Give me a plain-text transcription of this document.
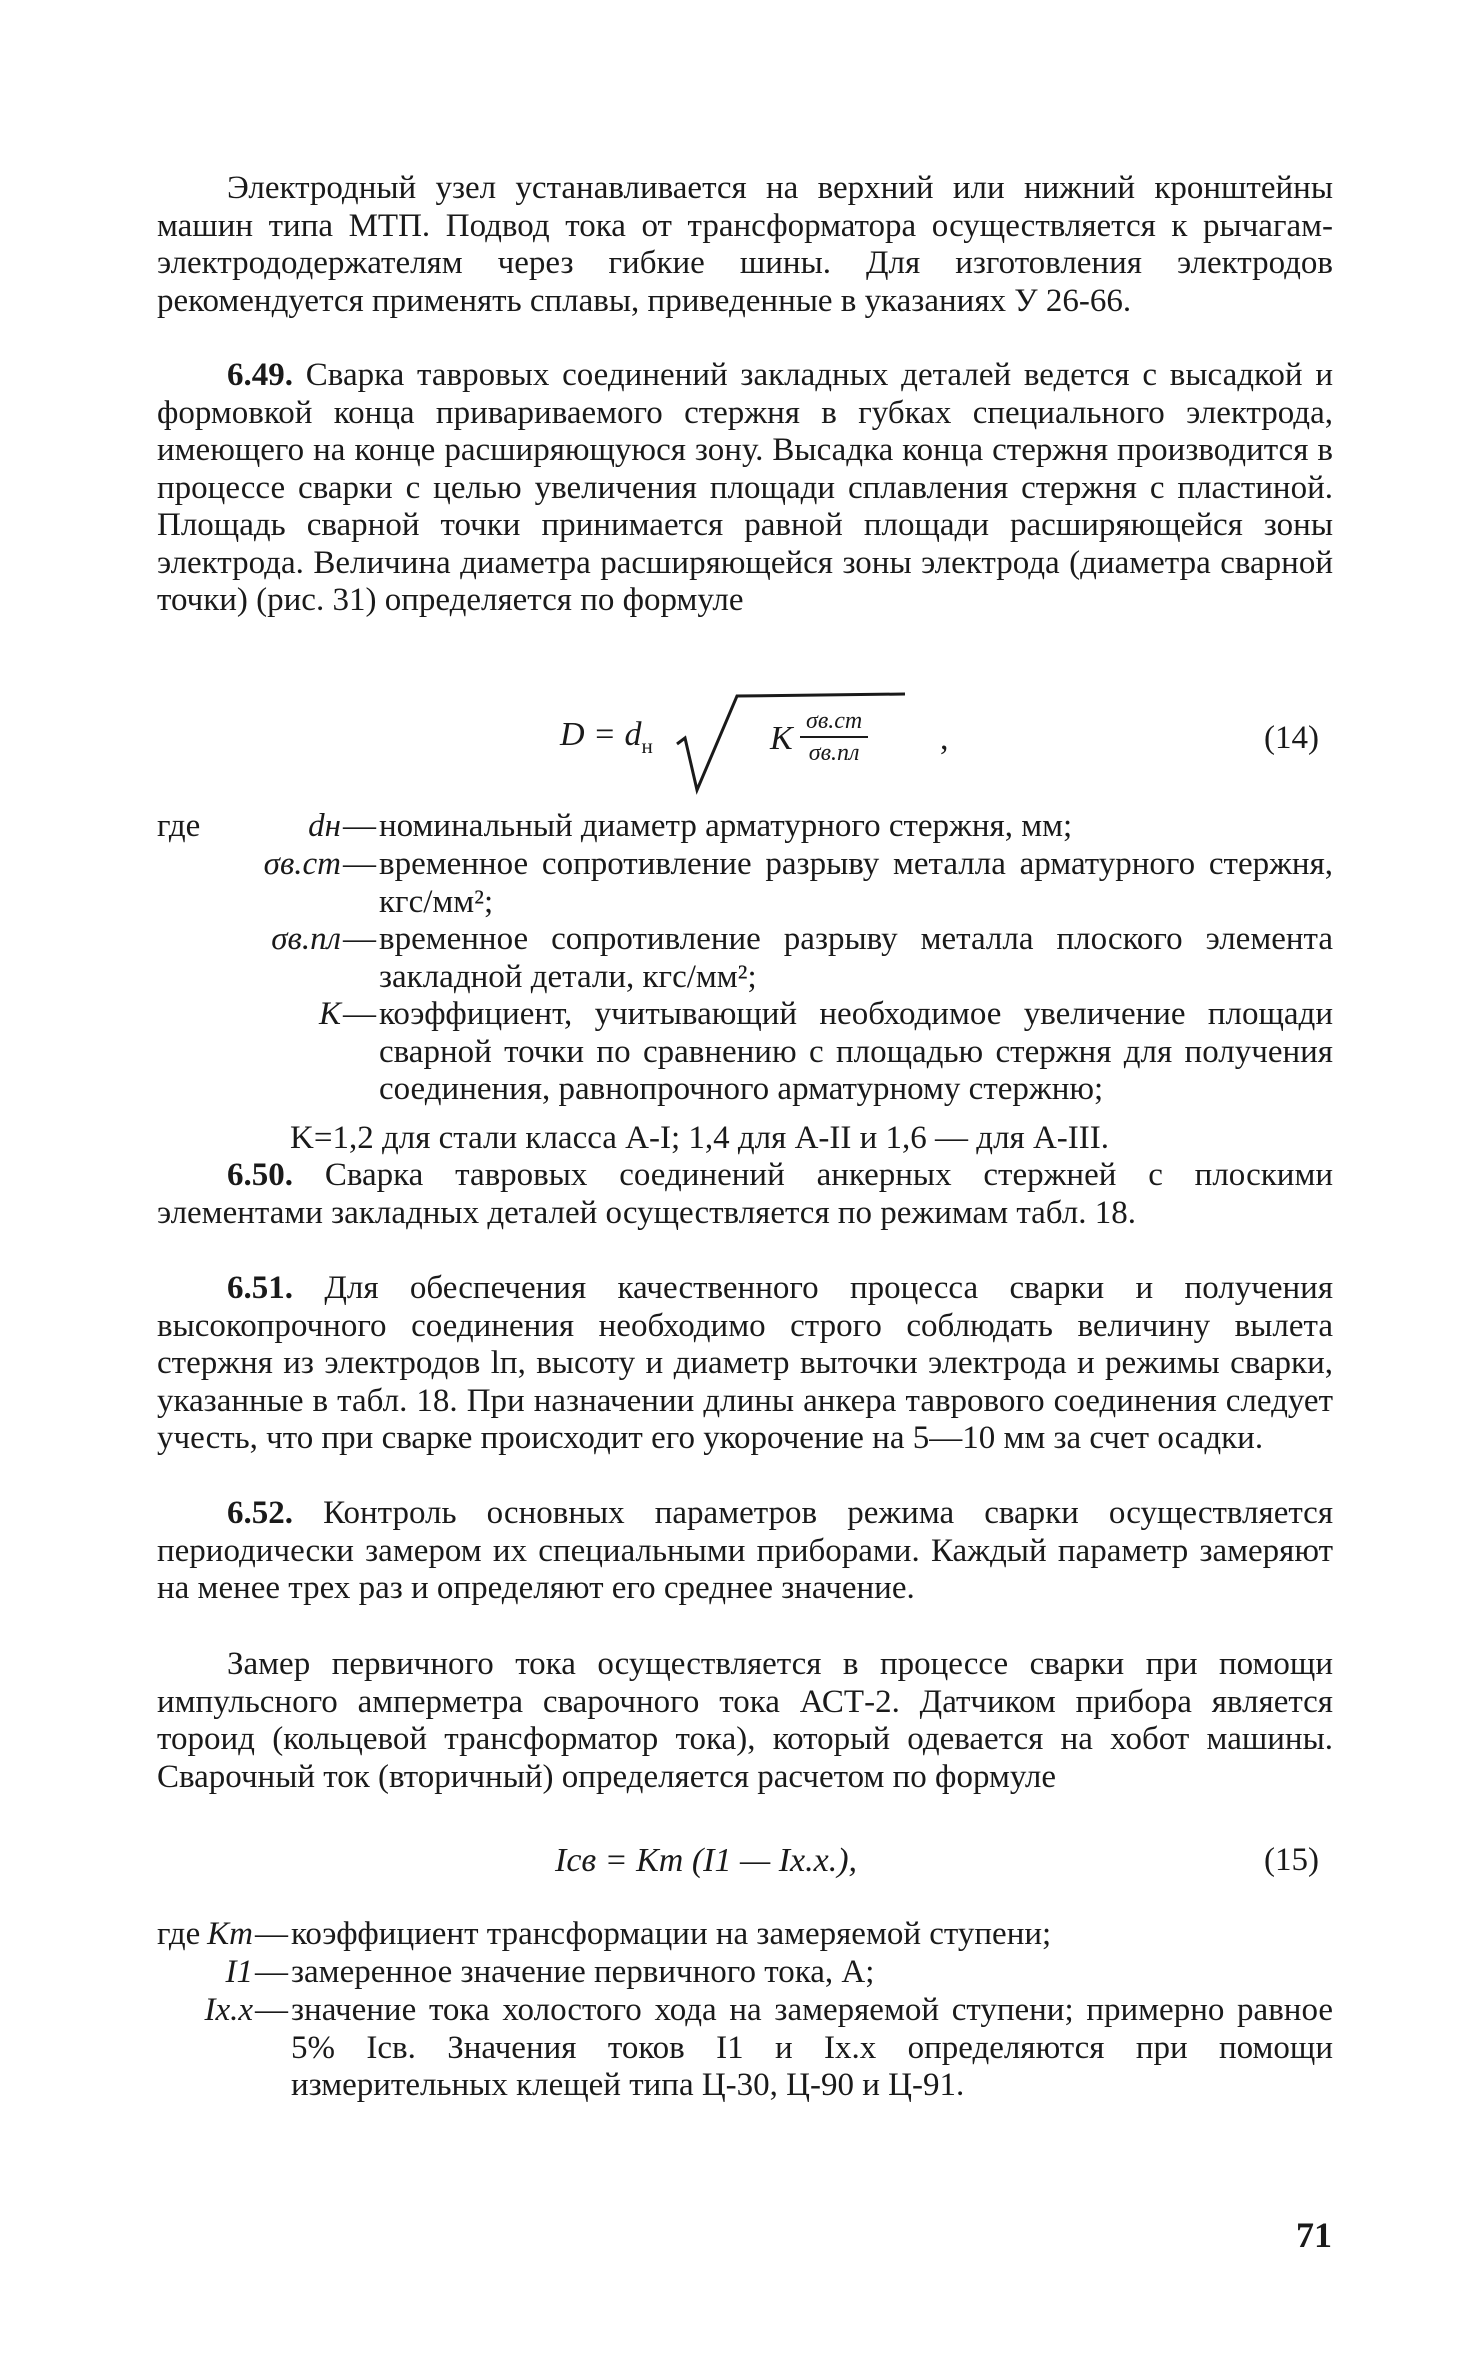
Электродный узел устанавливается на верхний или нижний кронштейны машин типа МТП. Подвод тока от трансформатора осуществляется к рычагам-электрододержателям через гибкие шины. Для изготовления электродов рекомендуется применять сплавы, приведенные в указаниях У 26-66.

6.49. Сварка тавровых соединений закладных деталей ведется с высадкой и формовкой конца привариваемого стержня в губках специального электрода, имеющего на конце расширяющуюся зону. Высадка конца стержня производится в процессе сварки с целью увеличения площади сплавления стержня с пластиной. Площадь сварной точки принимается равной площади расширяющейся зоны электрода. Величина диаметра расширяющейся зоны электрода (диаметра сварной точки) (рис. 31) определяется по формуле

$D = d_н$	K σв.ст
σв.пл ,	(14)
где	dн — номинальный диаметр арматурного стержня, мм;
σв.ст — временное сопротивление разрыву металла арматурного стержня, кгс/мм²;
σв.пл — временное сопротивление разрыву металла плоского элемента закладной детали, кгс/мм²;
K — коэффициент, учитывающий необходимое увеличение площади сварной точки по сравнению с площадью стержня для получения соединения, равнопрочного арматурному стержню;

K=1,2 для стали класса А-I; 1,4 для А-II и 1,6 — для А-III.

6.50. Сварка тавровых соединений анкерных стержней с плоскими элементами закладных деталей осуществляется по режимам табл. 18.

6.51. Для обеспечения качественного процесса сварки и получения высокопрочного соединения необходимо строго соблюдать величину вылета стержня из электродов lп, высоту и диаметр выточки электрода и режимы сварки, указанные в табл. 18. При назначении длины анкера таврового соединения следует учесть, что при сварке происходит его укорочение на 5—10 мм за счет осадки.

6.52. Контроль основных параметров режима сварки осуществляется периодически замером их специальными приборами. Каждый параметр замеряют на менее трех раз и определяют его среднее значение.

Замер первичного тока осуществляется в процессе сварки при помощи импульсного амперметра сварочного тока АСТ-2. Датчиком прибора является тороид (кольцевой трансформатор тока), который одевается на хобот машины. Сварочный ток (вторичный) определяется расчетом по формуле

Iсв = Kт (I1 — Iх.х.),	(15)
где Kт — коэффициент трансформации на замеряемой ступени;
I1 — замеренное значение первичного тока, А;
Iх.х — значение тока холостого хода на замеряемой ступени; примерно равное 5% Iсв. Значения токов I1 и Iх.х определяются при помощи измерительных клещей типа Ц-30, Ц-90 и Ц-91.
71
